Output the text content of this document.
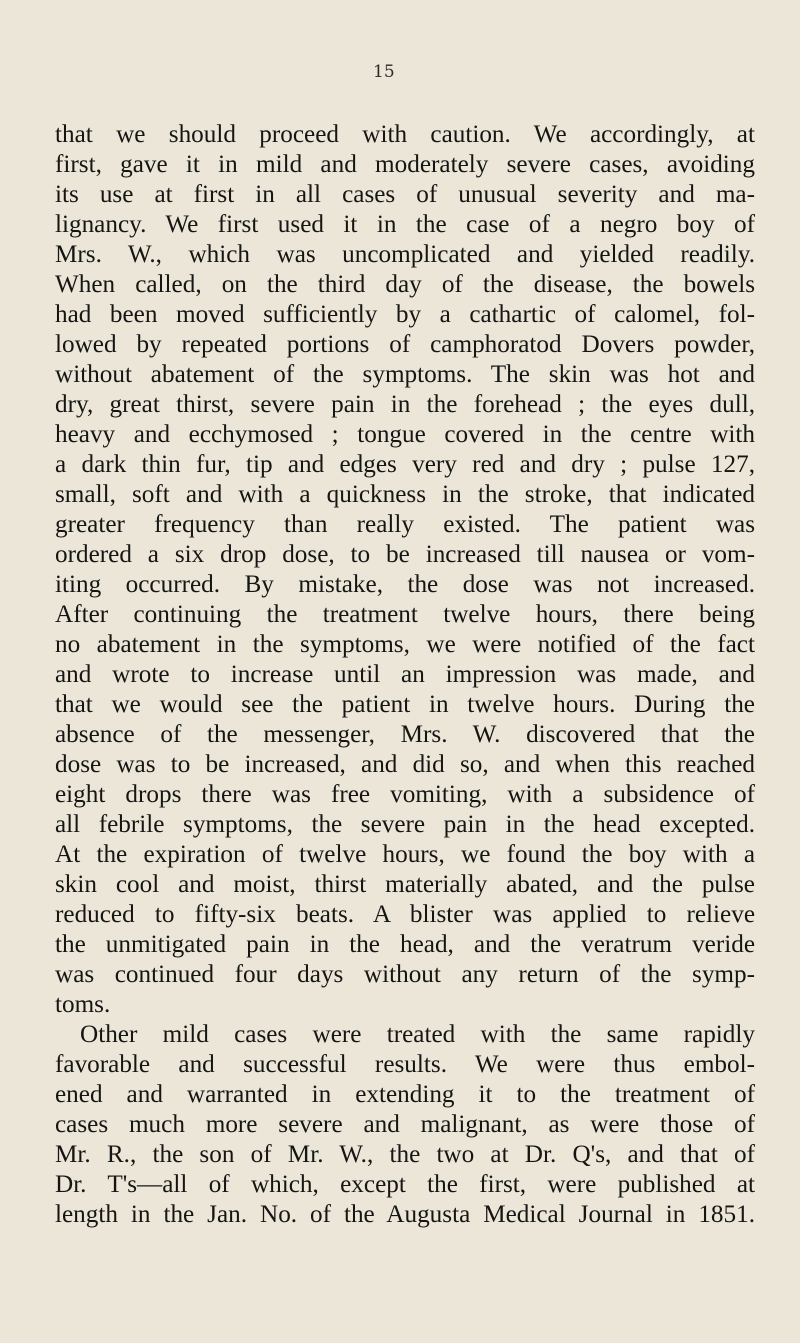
15
that we should proceed with caution. We accordingly, at
first, gave it in mild and moderately severe cases, avoiding
its use at first in all cases of unusual severity and ma-
lignancy. We first used it in the case of a negro boy of
Mrs. W., which was uncomplicated and yielded readily.
When called, on the third day of the disease, the bowels
had been moved sufficiently by a cathartic of calomel, fol-
lowed by repeated portions of camphoratod Dovers powder,
without abatement of the symptoms. The skin was hot and
dry, great thirst, severe pain in the forehead ; the eyes dull,
heavy and ecchymosed ; tongue covered in the centre with
a dark thin fur, tip and edges very red and dry ; pulse 127,
small, soft and with a quickness in the stroke, that indicated
greater frequency than really existed. The patient was
ordered a six drop dose, to be increased till nausea or vom-
iting occurred. By mistake, the dose was not increased.
After continuing the treatment twelve hours, there being
no abatement in the symptoms, we were notified of the fact
and wrote to increase until an impression was made, and
that we would see the patient in twelve hours. During the
absence of the messenger, Mrs. W. discovered that the
dose was to be increased, and did so, and when this reached
eight drops there was free vomiting, with a subsidence of
all febrile symptoms, the severe pain in the head excepted.
At the expiration of twelve hours, we found the boy with a
skin cool and moist, thirst materially abated, and the pulse
reduced to fifty-six beats. A blister was applied to relieve
the unmitigated pain in the head, and the veratrum veride
was continued four days without any return of the symp-
toms.
Other mild cases were treated with the same rapidly
favorable and successful results. We were thus embol-
ened and warranted in extending it to the treatment of
cases much more severe and malignant, as were those of
Mr. R., the son of Mr. W., the two at Dr. Q's, and that of
Dr. T's—all of which, except the first, were published at
length in the Jan. No. of the Augusta Medical Journal in 1851.
